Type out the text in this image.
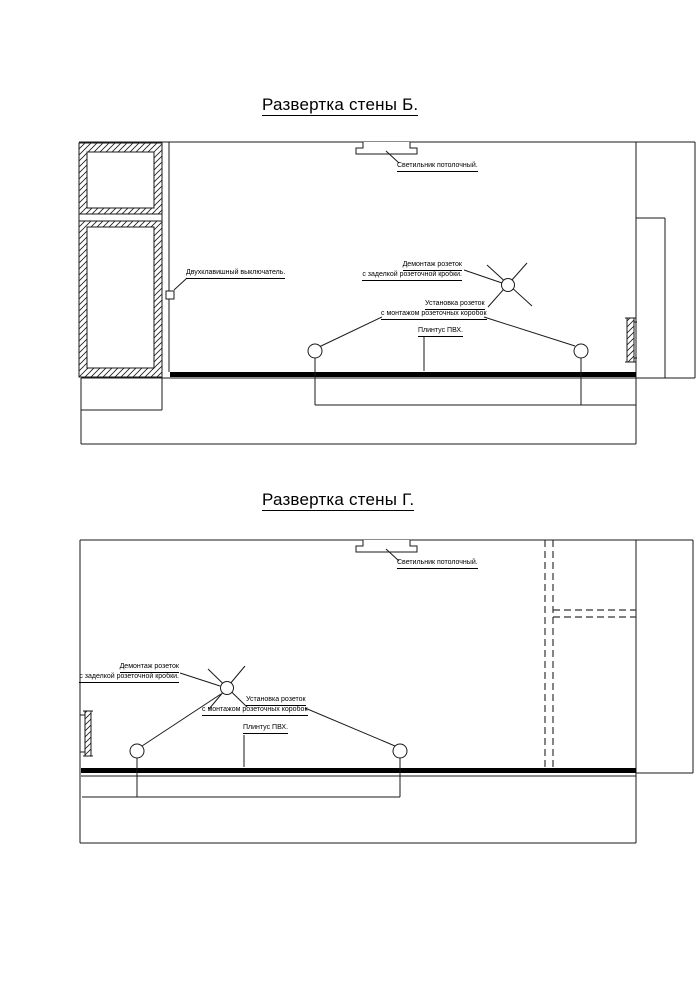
Развертка стены Б.
Развертка стены Г.
Светильник потолочный.
Двухклавишный выключатель.
Демонтаж розеток
с заделкой розеточной кробки.
Установка розеток
с монтажом розеточных коробок
Плинтус ПВХ.
Светильник потолочный.
Демонтаж розеток
с заделкой розеточной кробки.
Установка розеток
с монтажом розеточных коробок
Плинтус ПВХ.
